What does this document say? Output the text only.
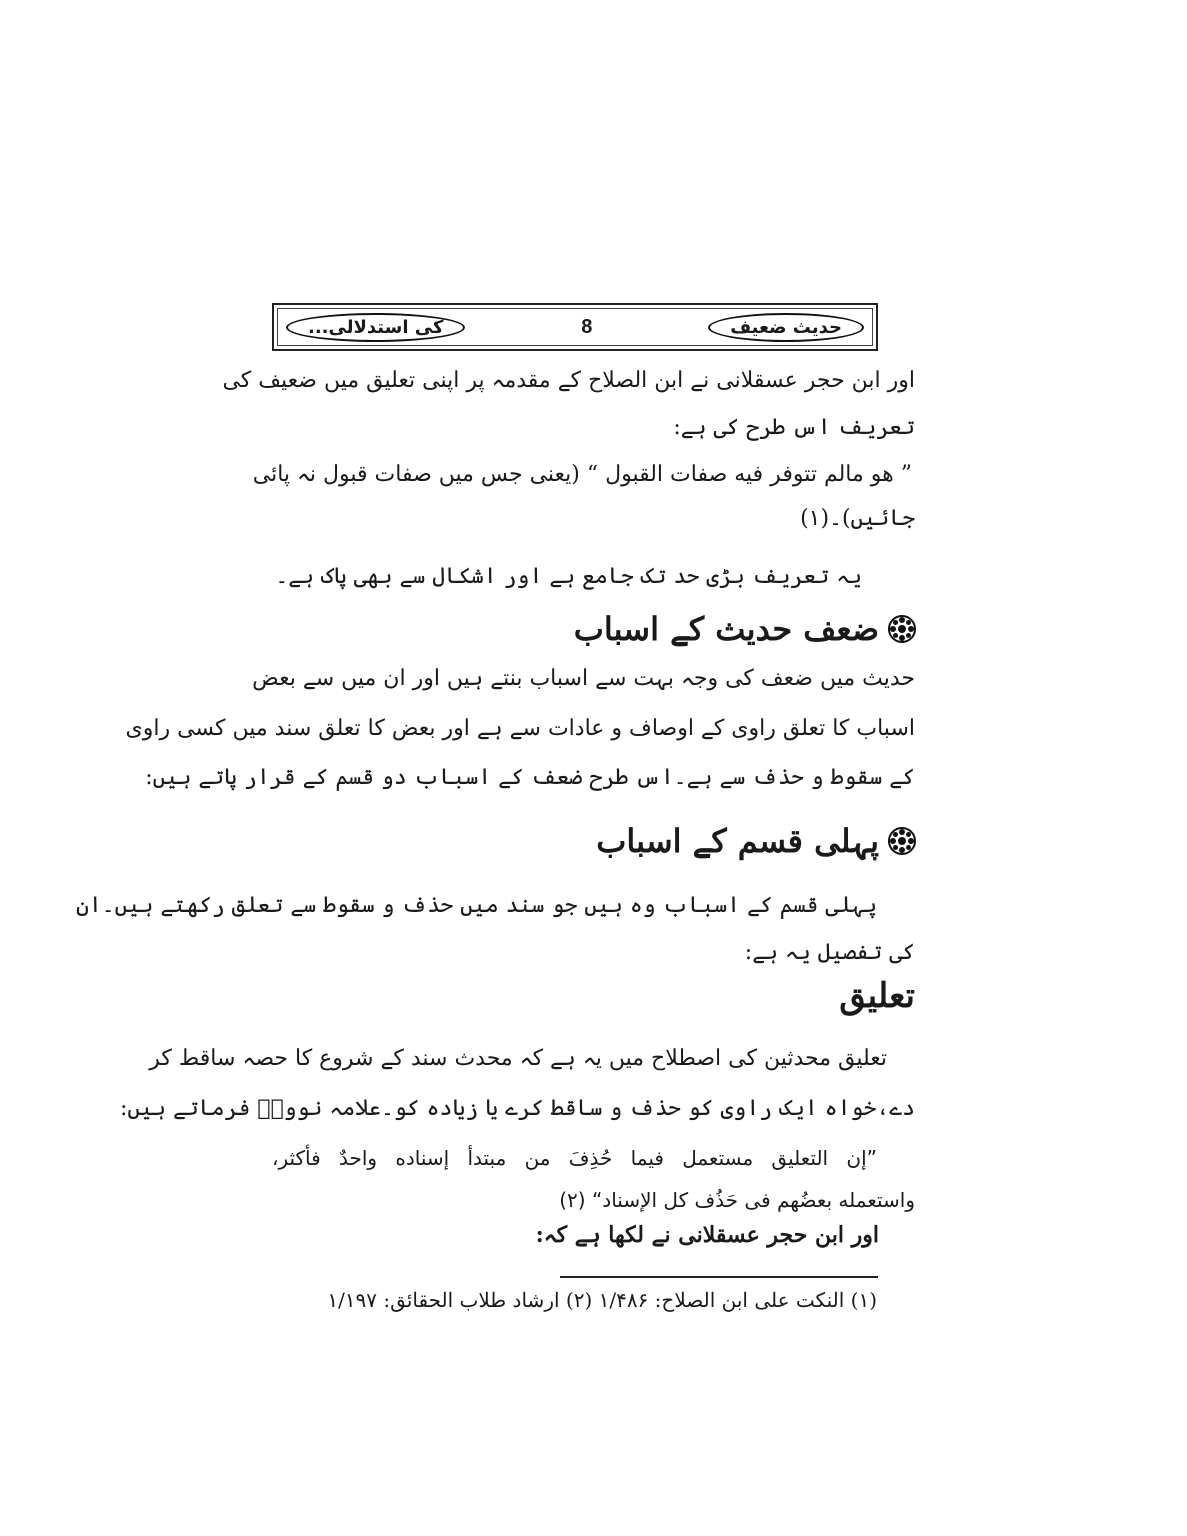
کی استدلالی...	8	حدیث ضعیف
اور ابن حجر عسقلانی نے ابن الصلاح کے مقدمہ پر اپنی تعلیق میں ضعیف کی
تعریف اس طرح کی ہے:
” هو مالم تتوفر فيه صفات القبول “ (یعنی جس میں صفات قبول نہ پائی
جائیں)۔(۱)
یہ تعریف بڑی حد تک جامع ہے اور اشکال سے بھی پاک ہے۔
ضعف حدیث کے اسباب
حدیث میں ضعف کی وجہ بہت سے اسباب بنتے ہیں اور ان میں سے بعض
اسباب کا تعلق راوی کے اوصاف و عادات سے ہے اور بعض کا تعلق سند میں کسی راوی
کے سقوط و حذف سے ہے۔اس طرح ضعف کے اسباب دو قسم کے قرار پاتے ہیں:
پہلی قسم کے اسباب
پہلی قسم کے اسباب وہ ہیں جو سند میں حذف و سقوط سے تعلق رکھتے ہیں۔ان
کی تفصیل یہ ہے:
تعلیق
تعلیق محدثین کی اصطلاح میں یہ ہے کہ محدث سند کے شروع کا حصہ ساقط کر
دے،خواہ ایک راوی کو حذف و ساقط کرے یا زیادہ کو۔علامہ نوویؒ فرماتے ہیں:
”إن التعليق مستعمل فيما حُذِفَ من مبتدأ إسناده واحدٌ فأكثر،
واستعمله بعضُهم فی حَذُف كل الإسناد“ (۲)
اور ابن حجر عسقلانی نے لکھا ہے کہ:
(۱) النکت علی ابن الصلاح: ۱/۴۸۶ (۲) ارشاد طلاب الحقائق: ۱/۱۹۷
